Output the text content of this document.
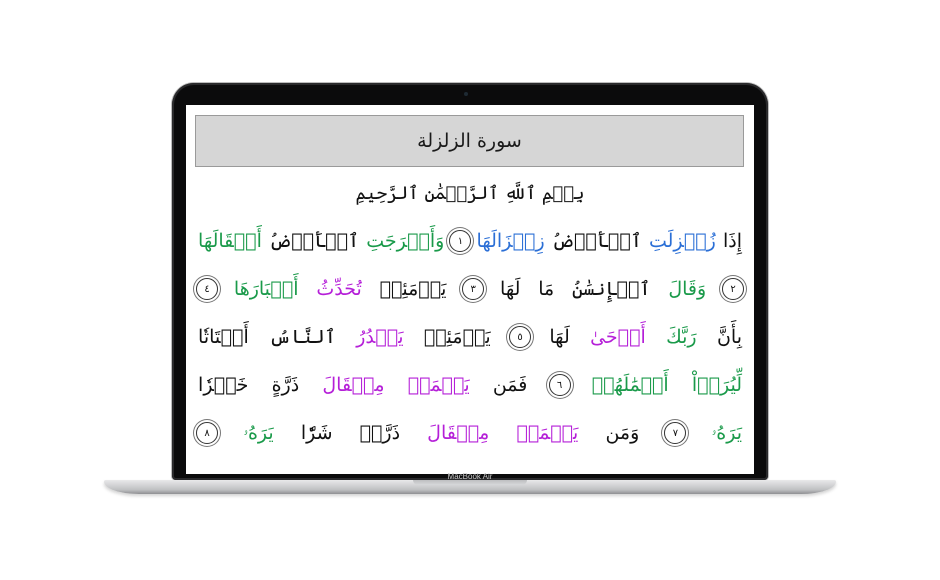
سورة الزلزلة
بِسۡمِ ٱللَّهِ ٱلرَّحۡمَٰنِ ٱلرَّحِيمِ
إِذَا
زُلۡزِلَتِ
ٱلۡأَرۡضُ
زِلۡزَالَهَا
١
وَأَخۡرَجَتِ
ٱلۡأَرۡضُ
أَثۡقَالَهَا
٢
وَقَالَ
ٱلۡإِنسَٰنُ
مَا
لَهَا
٣
يَوۡمَئِذٖ
تُحَدِّثُ
أَخۡبَارَهَا
٤
بِأَنَّ
رَبَّكَ
أَوۡحَىٰ
لَهَا
٥
يَوۡمَئِذٖ
يَصۡدُرُ
ٱلنَّاسُ
أَشۡتَاتٗا
لِّيُرَوۡاْ
أَعۡمَٰلَهُمۡ
٦
فَمَن
يَعۡمَلۡ
مِثۡقَالَ
ذَرَّةٍ
خَيۡرٗا
يَرَهُۥ
٧
وَمَن
يَعۡمَلۡ
مِثۡقَالَ
ذَرَّةٖ
شَرّٗا
يَرَهُۥ
٨
MacBook Air
